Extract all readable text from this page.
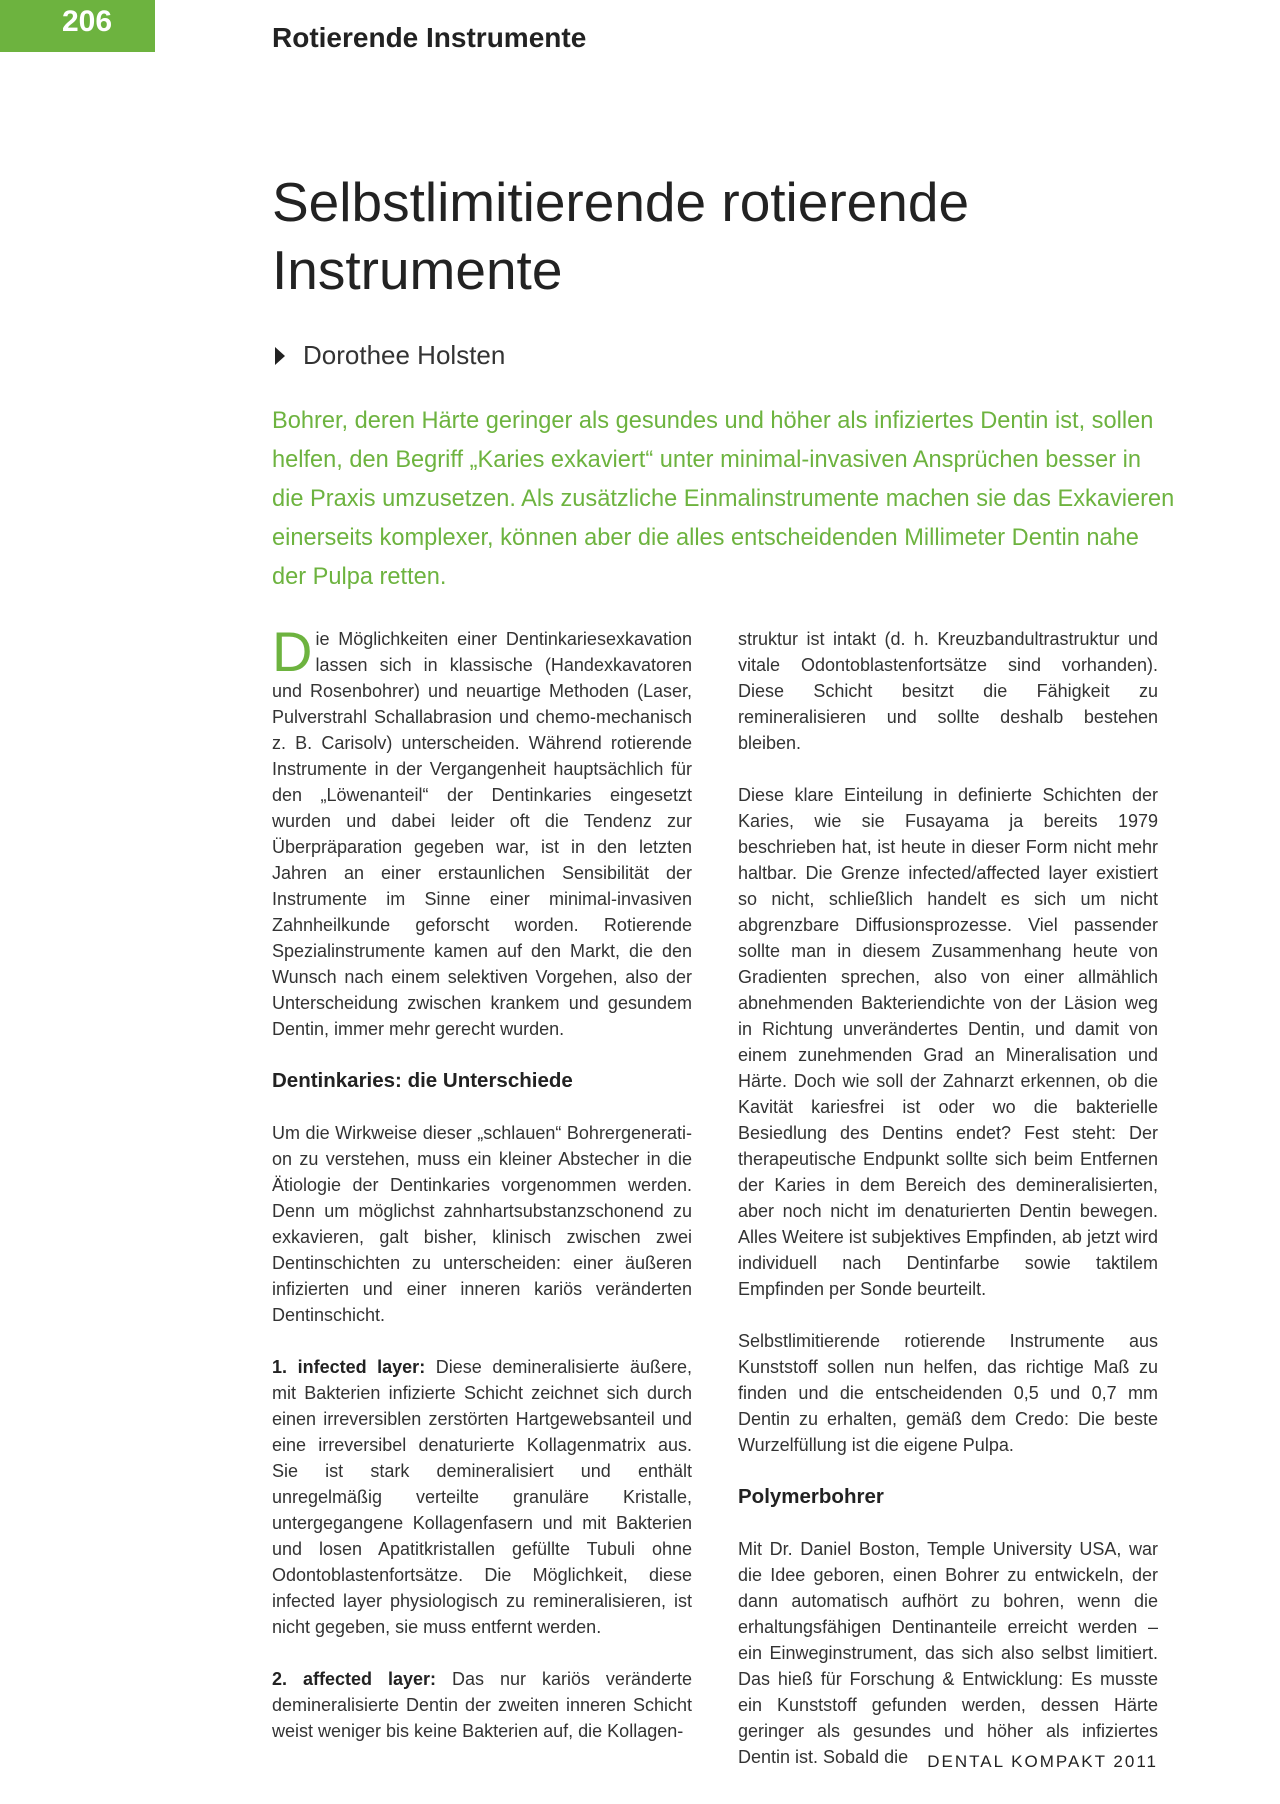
206	Rotierende Instrumente
Selbstlimitierende rotierende Instrumente
Dorothee Holsten

Bohrer, deren Härte geringer als gesundes und höher als infiziertes Dentin ist, sollen helfen, den Begriff „Karies exkaviert“ unter minimal-invasiven Ansprüchen besser in die Praxis umzusetzen. Als zusätzliche Einmalinstrumente machen sie das Exkavieren einerseits komplexer, können aber die alles entscheidenden Millimeter Dentin nahe der Pulpa retten.

Die Möglichkeiten einer Dentinkariesexkavation lassen sich in klassische (Handexkavatoren und Rosenbohrer) und neuartige Methoden (Laser, Pulverstrahl Schallabrasion und chemo-mechanisch z. B. Carisolv) unterscheiden. Während rotierende Instrumente in der Vergangenheit hauptsächlich für den „Löwenanteil“ der Dentinkaries eingesetzt wurden und dabei leider oft die Tendenz zur Überpräparation gegeben war, ist in den letzten Jahren an einer erstaunlichen Sensibilität der Instrumente im Sinne einer minimal-invasiven Zahnheilkunde geforscht worden. Rotierende Spezialinstrumente kamen auf den Markt, die den Wunsch nach einem selektiven Vorgehen, also der Unterscheidung zwischen krankem und gesundem Dentin, immer mehr gerecht wurden.

Dentinkaries: die Unterschiede

Um die Wirkweise dieser „schlauen“ Bohrergeneration zu verstehen, muss ein kleiner Abstecher in die Ätiologie der Dentinkaries vorgenommen werden. Denn um möglichst zahnhartsubstanzschonend zu exkavieren, galt bisher, klinisch zwischen zwei Dentinschichten zu unterscheiden: einer äußeren infizierten und einer inneren kariös veränderten Dentinschicht.

1. infected layer: Diese demineralisierte äußere, mit Bakterien infizierte Schicht zeichnet sich durch einen irreversiblen zerstörten Hartgewebsanteil und eine irreversibel denaturierte Kollagenmatrix aus. Sie ist stark demineralisiert und enthält unregelmäßig verteilte granuläre Kristalle, untergegangene Kollagenfasern und mit Bakterien und losen Apatitkristallen gefüllte Tubuli ohne Odontoblastenfortsätze. Die Möglichkeit, diese infected layer physiologisch zu remineralisieren, ist nicht gegeben, sie muss entfernt werden.

2. affected layer: Das nur kariös veränderte demineralisierte Dentin der zweiten inneren Schicht weist weniger bis keine Bakterien auf, die Kollagen-

struktur ist intakt (d. h. Kreuzbandultrastruktur und vitale Odontoblastenfortsätze sind vorhanden). Diese Schicht besitzt die Fähigkeit zu remineralisieren und sollte deshalb bestehen bleiben.

Diese klare Einteilung in definierte Schichten der Karies, wie sie Fusayama ja bereits 1979 beschrieben hat, ist heute in dieser Form nicht mehr haltbar. Die Grenze infected/affected layer existiert so nicht, schließlich handelt es sich um nicht abgrenzbare Diffusionsprozesse. Viel passender sollte man in diesem Zusammenhang heute von Gradienten sprechen, also von einer allmählich abnehmenden Bakteriendichte von der Läsion weg in Richtung unverändertes Dentin, und damit von einem zunehmenden Grad an Mineralisation und Härte. Doch wie soll der Zahnarzt erkennen, ob die Kavität kariesfrei ist oder wo die bakterielle Besiedlung des Dentins endet? Fest steht: Der therapeutische Endpunkt sollte sich beim Entfernen der Karies in dem Bereich des demineralisierten, aber noch nicht im denaturierten Dentin bewegen. Alles Weitere ist subjektives Empfinden, ab jetzt wird individuell nach Dentinfarbe sowie taktilem Empfinden per Sonde beurteilt.

Selbstlimitierende rotierende Instrumente aus Kunststoff sollen nun helfen, das richtige Maß zu finden und die entscheidenden 0,5 und 0,7 mm Dentin zu erhalten, gemäß dem Credo: Die beste Wurzelfüllung ist die eigene Pulpa.

Polymerbohrer

Mit Dr. Daniel Boston, Temple University USA, war die Idee geboren, einen Bohrer zu entwickeln, der dann automatisch aufhört zu bohren, wenn die erhaltungsfähigen Dentinanteile erreicht werden – ein Einweginstrument, das sich also selbst limitiert. Das hieß für Forschung & Entwicklung: Es musste ein Kunststoff gefunden werden, dessen Härte geringer als gesundes und höher als infiziertes Dentin ist. Sobald die	DENTAL KOMPAKT 2011
